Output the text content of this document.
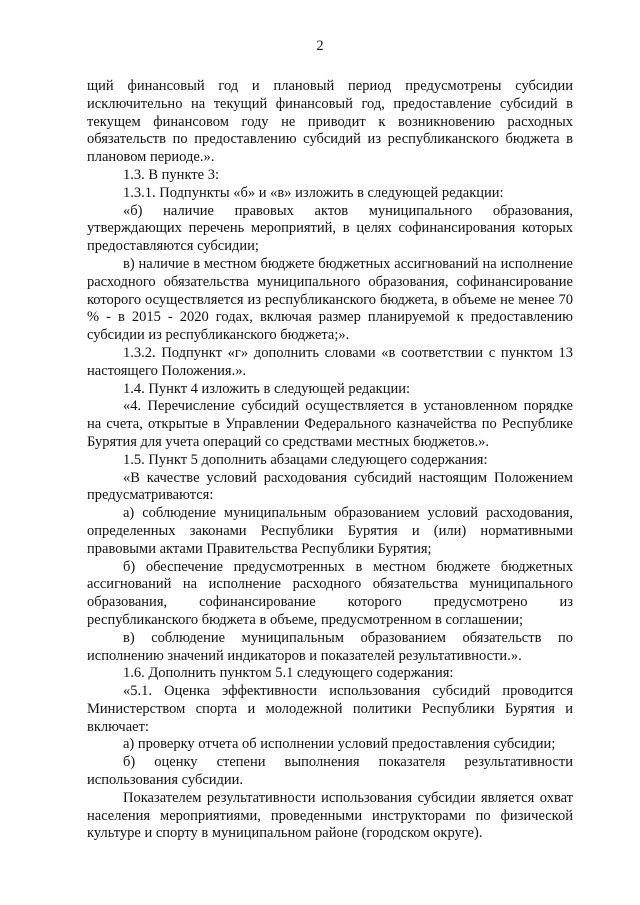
2

щий финансовый год и плановый период предусмотрены субсидии исключительно на текущий финансовый год, предоставление субсидий в текущем финансовом году не приводит к возникновению расходных обязательств по предоставлению субсидий из республиканского бюджета в плановом периоде.».

1.3. В пункте 3:

1.3.1. Подпункты «б» и «в» изложить в следующей редакции:

«б) наличие правовых актов муниципального образования, утверждающих перечень мероприятий, в целях софинансирования которых предоставляются субсидии;

в) наличие в местном бюджете бюджетных ассигнований на исполнение расходного обязательства муниципального образования, софинансирование которого осуществляется из республиканского бюджета, в объеме не менее 70 % - в 2015 - 2020 годах, включая размер планируемой к предоставлению субсидии из республиканского бюджета;».

1.3.2. Подпункт «г» дополнить словами «в соответствии с пунктом 13 настоящего Положения.».

1.4. Пункт 4 изложить в следующей редакции:

«4. Перечисление субсидий осуществляется в установленном порядке на счета, открытые в Управлении Федерального казначейства по Республике Бурятия для учета операций со средствами местных бюджетов.».

1.5. Пункт 5 дополнить абзацами следующего содержания:

«В качестве условий расходования субсидий настоящим Положением предусматриваются:

а) соблюдение муниципальным образованием условий расходования, определенных законами Республики Бурятия и (или) нормативными правовыми актами Правительства Республики Бурятия;

б) обеспечение предусмотренных в местном бюджете бюджетных ассигнований на исполнение расходного обязательства муниципального образования, софинансирование которого предусмотрено из республиканского бюджета в объеме, предусмотренном в соглашении;

в) соблюдение муниципальным образованием обязательств по исполнению значений индикаторов и показателей результативности.».

1.6. Дополнить пунктом 5.1 следующего содержания:

«5.1. Оценка эффективности использования субсидий проводится Министерством спорта и молодежной политики Республики Бурятия и включает:

а) проверку отчета об исполнении условий предоставления субсидии;

б) оценку степени выполнения показателя результативности использования субсидии.

Показателем результативности использования субсидии является охват населения мероприятиями, проведенными инструкторами по физической культуре и спорту в муниципальном районе (городском округе).
